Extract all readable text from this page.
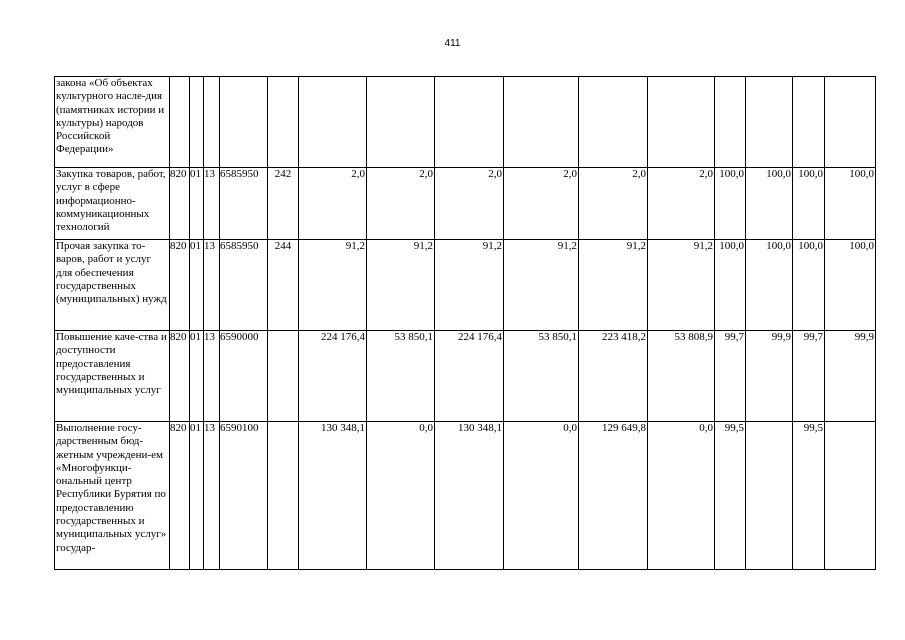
411
закона «Об объектах культурного насле-дия (памятниках истории и культуры) народов Российской Федерации»															
Закупка товаров, работ, услуг в сфере информационно-коммуникационных технологий	820	01	13	6585950	242	2,0	2,0	2,0	2,0	2,0	2,0	100,0	100,0	100,0	100,0
Прочая закупка то-варов, работ и услуг для обеспечения государственных (муниципальных) нужд	820	01	13	6585950	244	91,2	91,2	91,2	91,2	91,2	91,2	100,0	100,0	100,0	100,0
Повышение каче-ства и доступности предоставления государственных и муниципальных услуг	820	01	13	6590000		224 176,4	53 850,1	224 176,4	53 850,1	223 418,2	53 808,9	99,7	99,9	99,7	99,9
Выполнение госу-дарственным бюд-жетным учреждени-ем «Многофункци-ональный центр Республики Бурятия по предоставлению государственных и муниципальных услуг» государ-	820	01	13	6590100		130 348,1	0,0	130 348,1	0,0	129 649,8	0,0	99,5		99,5	
